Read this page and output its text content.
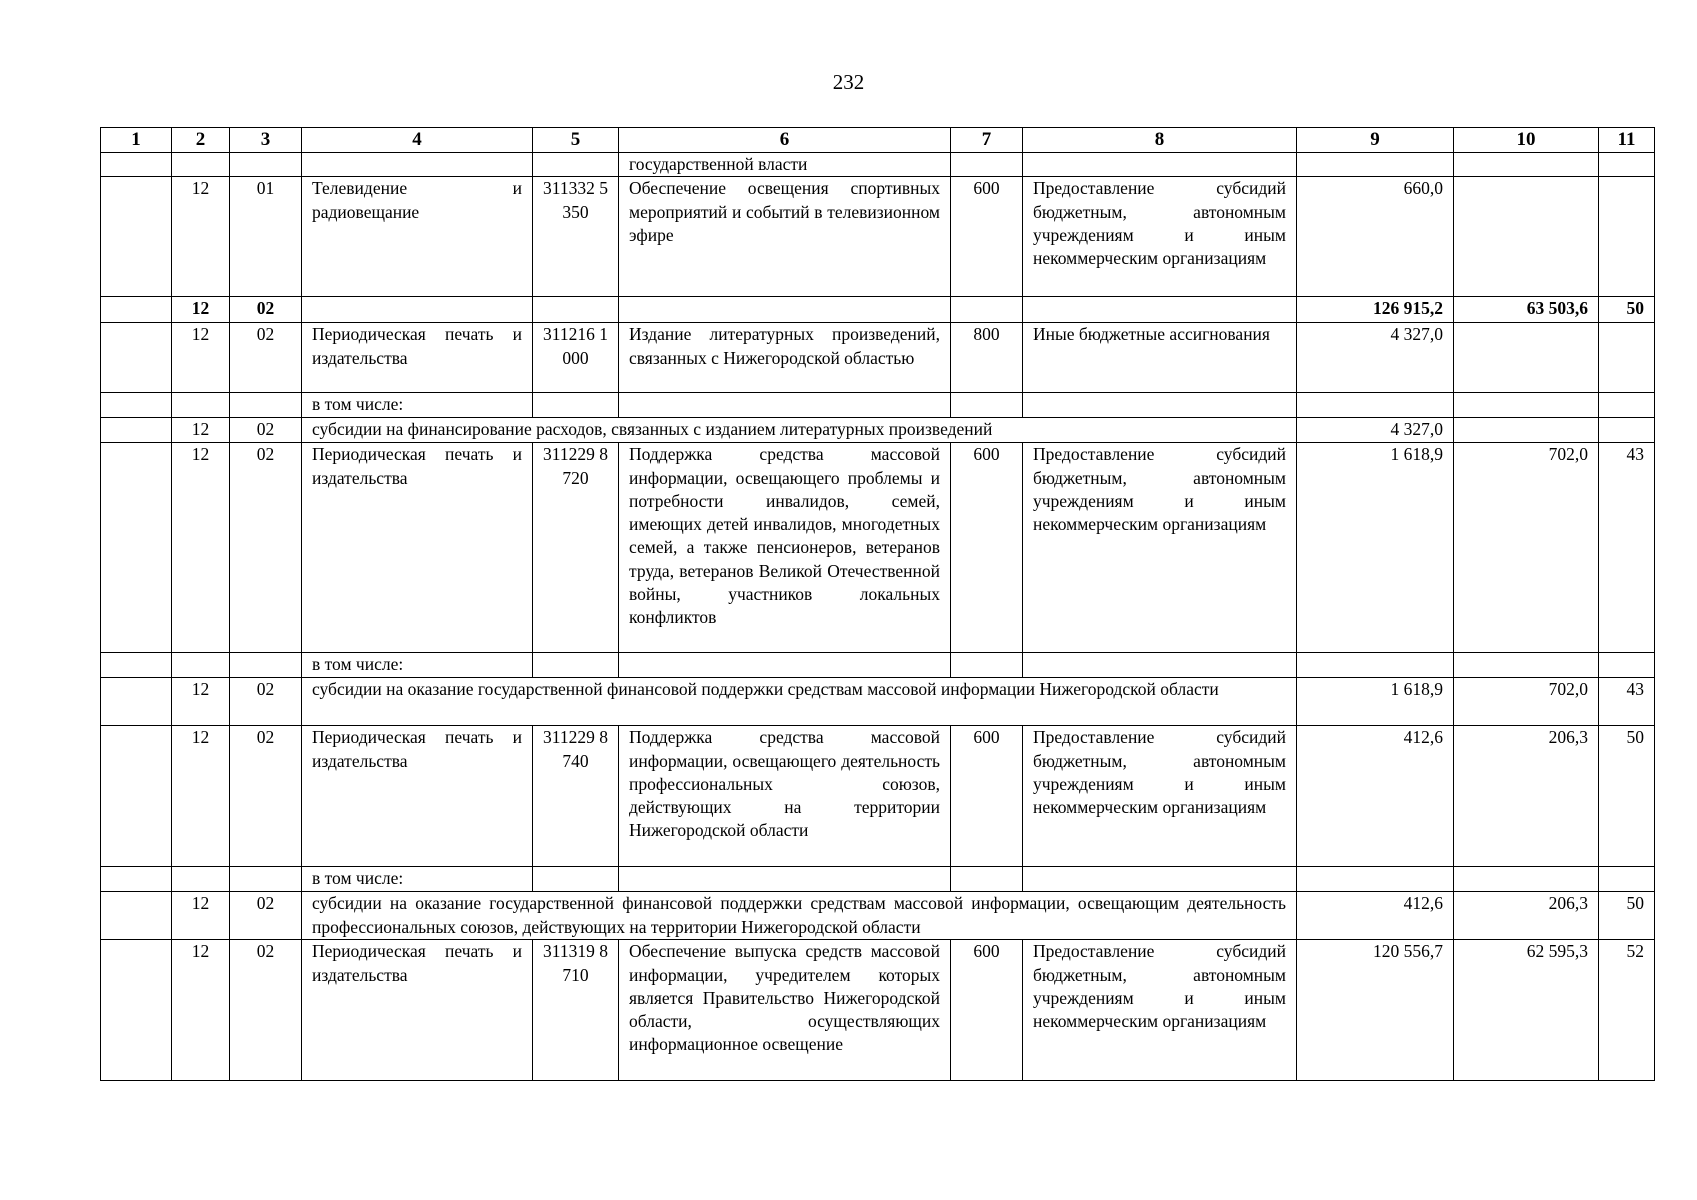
232
1	2	3	4	5	6	7	8	9	10	11
					государственной власти					
	12	01	Телевидение и радиовещание	311332 5350	Обеспечение освещения спортивных мероприятий и событий в телевизионном эфире	600	Предоставление субсидий бюджетным, автономным учреждениям и иным некоммерческим организациям	660,0		
	12	02						126 915,2	63 503,6	50
	12	02	Периодическая печать и издательства	311216 1000	Издание литературных произведений, связанных с Нижегородской областью	800	Иные бюджетные ассигнования	4 327,0		
			в том числе:							
	12	02	субсидии на финансирование расходов, связанных с изданием литературных произведений					4 327,0		
	12	02	Периодическая печать и издательства	311229 8720	Поддержка средства массовой информации, освещающего проблемы и потребности инвалидов, семей, имеющих детей инвалидов, многодетных семей, а также пенсионеров, ветеранов труда, ветеранов Великой Отечественной войны, участников локальных конфликтов	600	Предоставление субсидий бюджетным, автономным учреждениям и иным некоммерческим организациям	1 618,9	702,0	43
			в том числе:							
	12	02	субсидии на оказание государственной финансовой поддержки средствам массовой информации Нижегородской области					1 618,9	702,0	43
	12	02	Периодическая печать и издательства	311229 8740	Поддержка средства массовой информации, освещающего деятельность профессиональных союзов, действующих на территории Нижегородской области	600	Предоставление субсидий бюджетным, автономным учреждениям и иным некоммерческим организациям	412,6	206,3	50
			в том числе:							
	12	02	субсидии на оказание государственной финансовой поддержки средствам массовой информации, освещающим деятельность профессиональных союзов, действующих на территории Нижегородской области					412,6	206,3	50
	12	02	Периодическая печать и издательства	311319 8710	Обеспечение выпуска средств массовой информации, учредителем которых является Правительство Нижегородской области, осуществляющих информационное освещение	600	Предоставление субсидий бюджетным, автономным учреждениям и иным некоммерческим организациям	120 556,7	62 595,3	52
